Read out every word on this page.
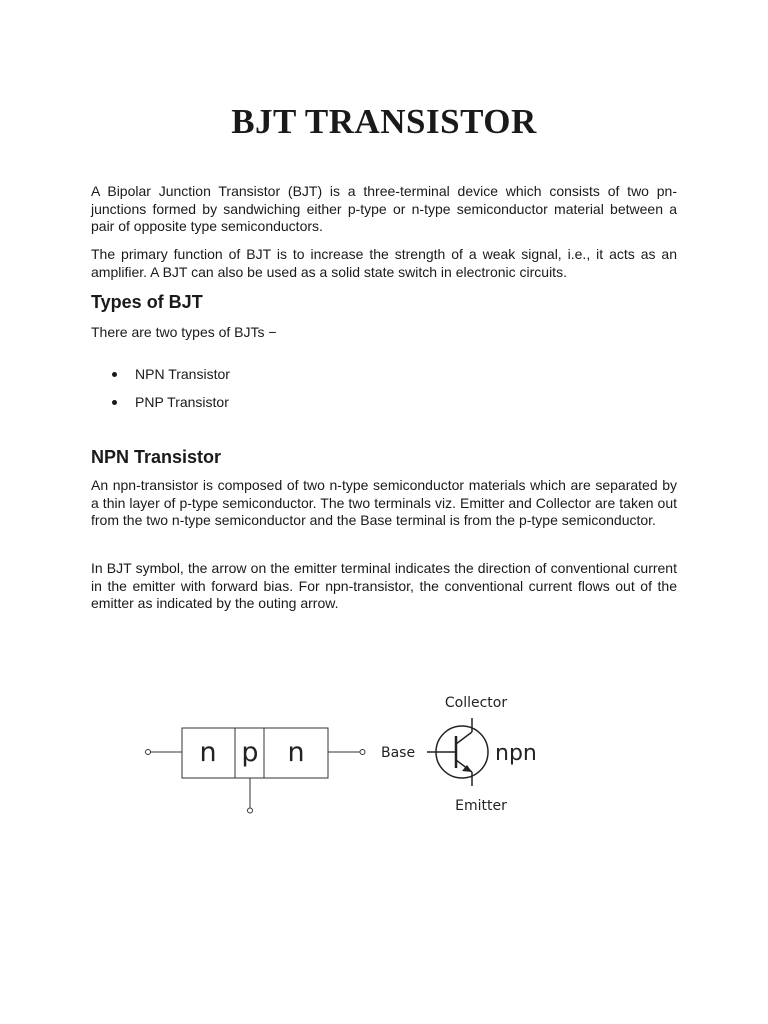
BJT TRANSISTOR

A Bipolar Junction Transistor (BJT) is a three-terminal device which consists of two pn-junctions formed by sandwiching either p-type or n-type semiconductor material between a pair of opposite type semiconductors.

The primary function of BJT is to increase the strength of a weak signal, i.e., it acts as an amplifier. A BJT can also be used as a solid state switch in electronic circuits.

Types of BJT

There are two types of BJTs −

NPN Transistor
PNP Transistor
NPN Transistor

An npn-transistor is composed of two n-type semiconductor materials which are separated by a thin layer of p-type semiconductor. The two terminals viz. Emitter and Collector are taken out from the two n-type semiconductor and the Base terminal is from the p-type semiconductor.

In BJT symbol, the arrow on the emitter terminal indicates the direction of conventional current in the emitter with forward bias. For npn-transistor, the conventional current flows out of the emitter as indicated by the outing arrow.

n p n
Collector
Base
Emitter
npn
